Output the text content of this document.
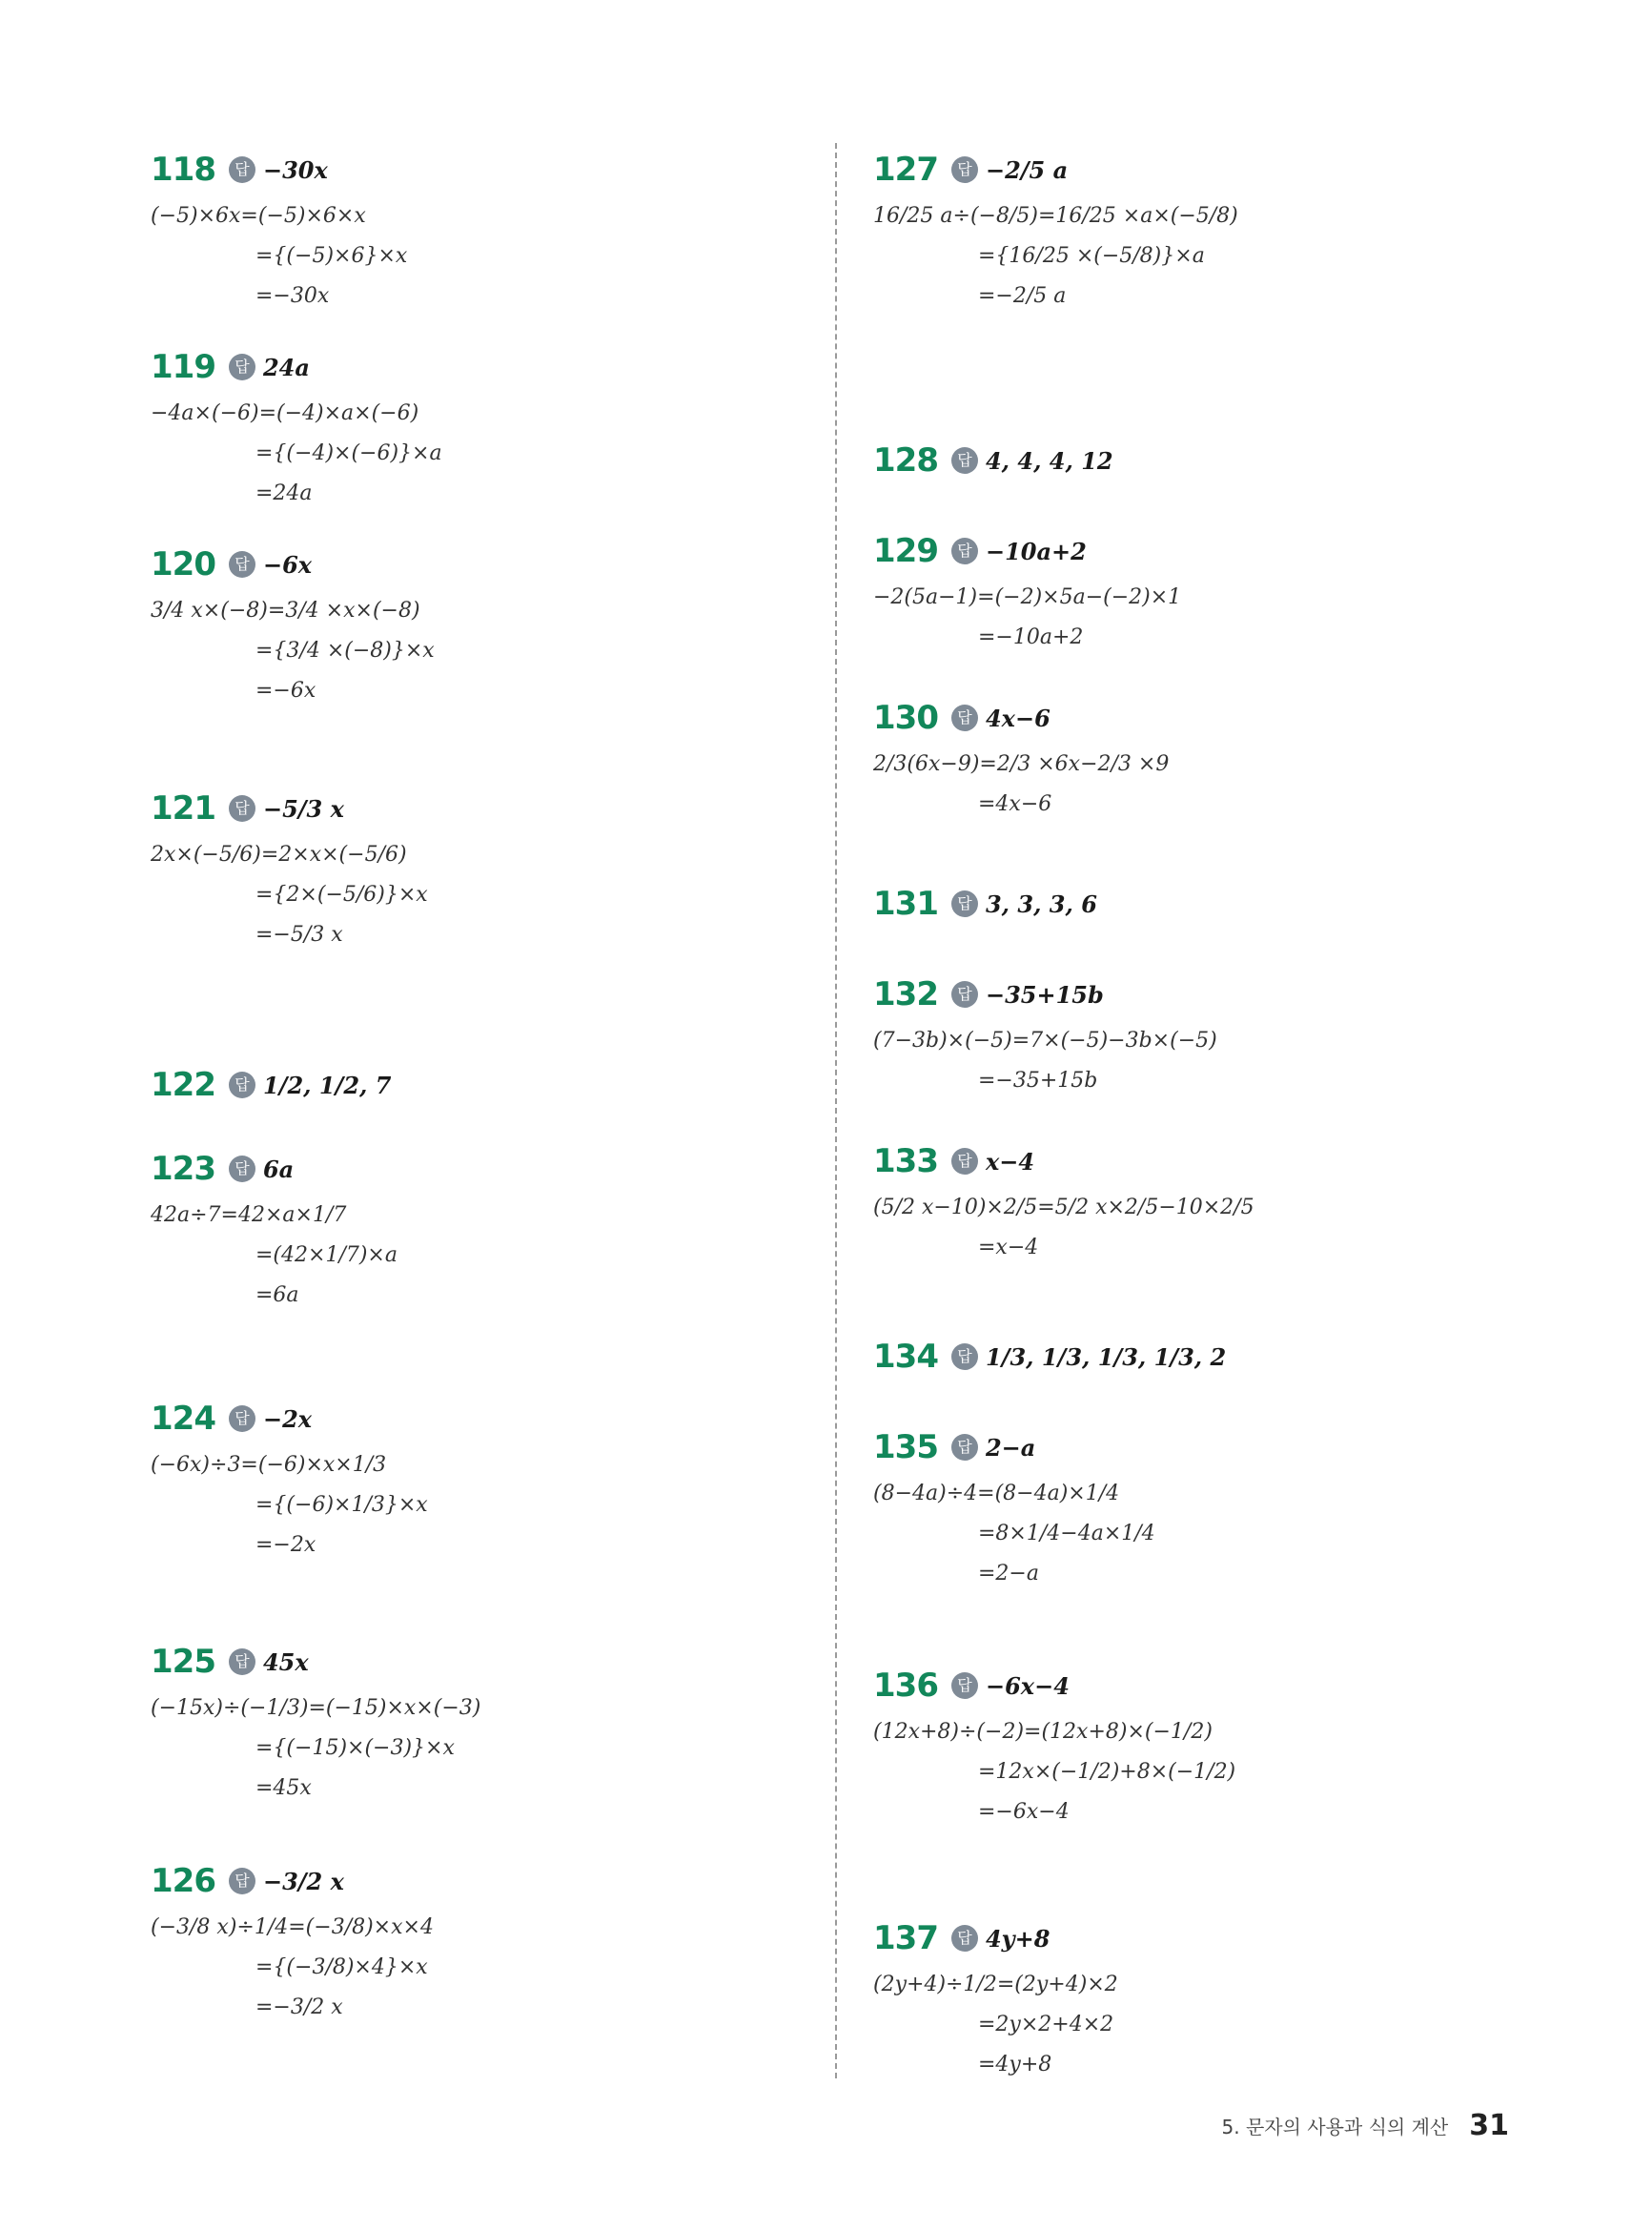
118	답 −30x
(−5)×6x=(−5)×6×x
={(−5)×6}×x
=−30x
119	답 24a
−4a×(−6)=(−4)×a×(−6)
={(−4)×(−6)}×a
=24a
120	답 −6x
3/4 x×(−8)=3/4 ×x×(−8)
={3/4 ×(−8)}×x
=−6x
121	답 −5/3 x
2x×(−5/6)=2×x×(−5/6)
={2×(−5/6)}×x
=−5/3 x
122	답 1/2, 1/2, 7
123	답 6a
42a÷7=42×a×1/7
=(42×1/7)×a
=6a
124	답 −2x
(−6x)÷3=(−6)×x×1/3
={(−6)×1/3}×x
=−2x
125	답 45x
(−15x)÷(−1/3)=(−15)×x×(−3)
={(−15)×(−3)}×x
=45x
126	답 −3/2 x
(−3/8 x)÷1/4=(−3/8)×x×4
={(−3/8)×4}×x
=−3/2 x
127	답 −2/5 a
16/25 a÷(−8/5)=16/25 ×a×(−5/8)
={16/25 ×(−5/8)}×a
=−2/5 a
128	답 4, 4, 4, 12
129	답 −10a+2
−2(5a−1)=(−2)×5a−(−2)×1
=−10a+2
130	답 4x−6
2/3(6x−9)=2/3 ×6x−2/3 ×9
=4x−6
131	답 3, 3, 3, 6
132	답 −35+15b
(7−3b)×(−5)=7×(−5)−3b×(−5)
=−35+15b
133	답 x−4
(5/2 x−10)×2/5=5/2 x×2/5−10×2/5
=x−4
134	답 1/3, 1/3, 1/3, 1/3, 2
135	답 2−a
(8−4a)÷4=(8−4a)×1/4
=8×1/4−4a×1/4
=2−a
136	답 −6x−4
(12x+8)÷(−2)=(12x+8)×(−1/2)
=12x×(−1/2)+8×(−1/2)
=−6x−4
137	답 4y+8
(2y+4)÷1/2=(2y+4)×2
=2y×2+4×2
=4y+8
5. 문자의 사용과 식의 계산 31
